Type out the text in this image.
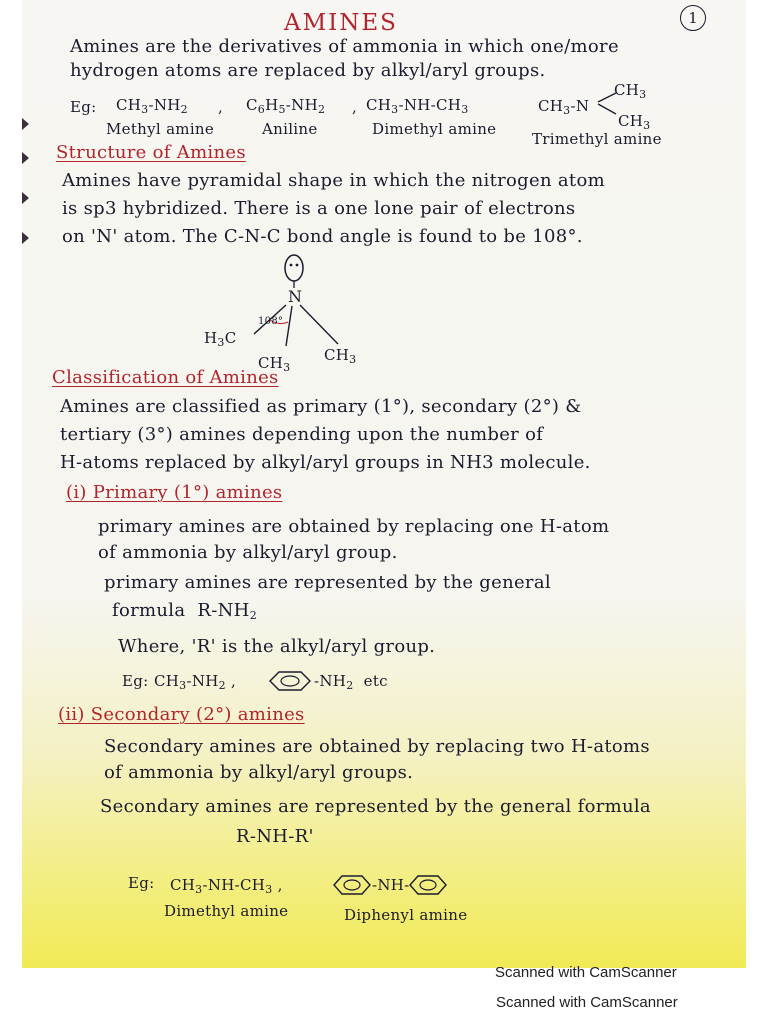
AMINES	1
Amines are the derivatives of ammonia in which one/more
hydrogen atoms are replaced by alkyl/aryl groups.
Eg: $CH_3-NH_2$
Methyl amine
, $C_6H_5-NH_2$
Aniline
, $CH_3-NH-CH_3$
Dimethyl amine
$CH_3$
$CH_3-N$
$CH_3$
Trimethyl amine
Structure of Amines
Amines have pyramidal shape in which the nitrogen atom
is sp3 hybridized. There is a one lone pair of electrons
on 'N' atom. The C-N-C bond angle is found to be 108°.
N
108°
$H_3C$
$CH_3$
$CH_3$
Classification of Amines
Amines are classified as primary (1°), secondary (2°) &
tertiary (3°) amines depending upon the number of
H-atoms replaced by alkyl/aryl groups in NH3 molecule.
(i) Primary (1°) amines
primary amines are obtained by replacing one H-atom
of ammonia by alkyl/aryl group.
primary amines are represented by the general
formula  $R-NH_2$
Where, 'R' is the alkyl/aryl group.
Eg: $CH_3-NH_2$ ,	$-NH_2$  etc
(ii) Secondary (2°) amines
Secondary amines are obtained by replacing two H-atoms
of ammonia by alkyl/aryl groups.
Secondary amines are represented by the general formula
R-NH-R'
Eg: $CH_3-NH-CH_3$ ,
Dimethyl amine
-NH-
Diphenyl amine
Scanned with CamScanner
Scanned with CamScanner
